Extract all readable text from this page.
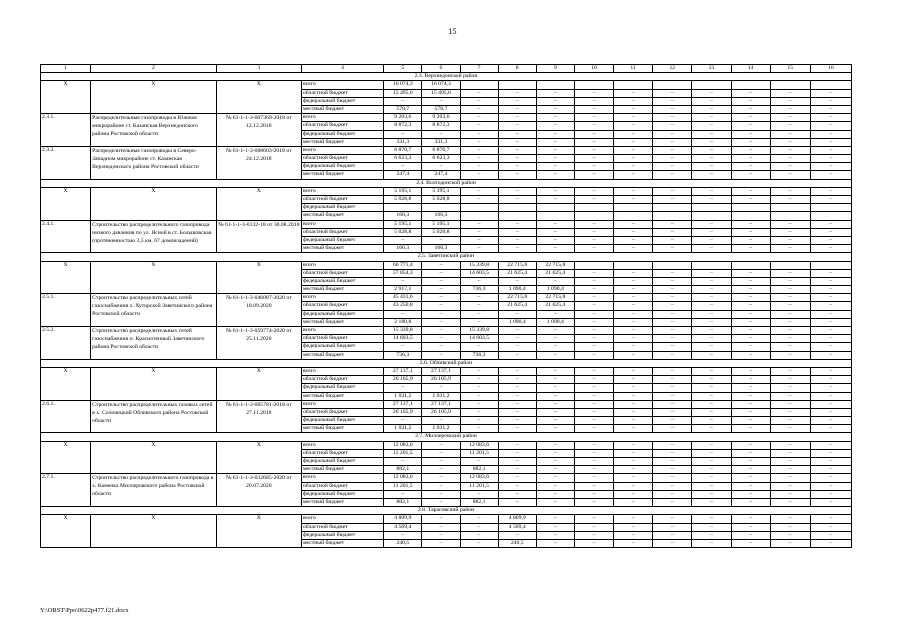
15
1	2	3	4	5	6	7	8	9	10	11	12	13	14	15	16
2.3. Верхнедонской район															
X	X	X	всего	16 074,3	16 074,3										
			областной бюджет	15 495,6	15 495,6	–	–	–	–	–	–	–	–	–	–
			федеральный бюджет	–	–	–	–	–	–	–	–	–	–	–	–
			местный бюджет	578,7	578,7	–	–	–	–	–	–	–	–	–	–
2.3.1.	Распределительные газопроводы в Южном микрорайоне ст. Казанская Верхнедонского района Ростовской области	№ 61-1-1-3-007369-2018 от 12.12.2018	всего	9 203,6	9 203,6	–	–	–	–	–	–	–	–	–	–
			областной бюджет	8 872,3	8 872,3	–	–	–	–	–	–	–	–	–	–
			федеральный бюджет	–	–	–	–	–	–	–	–	–	–	–	–
			местный бюджет	331,3	331,3	–	–	–	–	–	–	–	–	–	–
2.3.2.	Распределительные газопроводы в Северо-Западном микрорайоне ст. Казанская Верхнедонского района Ростовской области	№ 61-1-1-3-008603-2018 от 24.12.2018	всего	6 870,7	6 870,7	–	–	–	–	–	–	–	–	–	–
			областной бюджет	6 623,3	6 623,3	–	–	–	–	–	–	–	–	–	–
			федеральный бюджет	–	–	–	–	–	–	–	–	–	–	–	–
			местный бюджет	247,4	247,4	–	–	–	–	–	–	–	–	–	–
2.4. Волгодонской район															
X	X	X	всего	5 195,1	5 195,1	–	–	–	–	–	–	–	–	–	–
			областной бюджет	5 028,8	5 028,8	–	–	–	–	–	–	–	–	–	–
			федеральный бюджет												
			местный бюджет	166,3	166,3										
2.4.1.	Строительство распределительного газопровода низкого давления по ул. Ясной в ст. Большовская (протяженностью 3,5 км, 67 домовладений)	№ 61-1-1-3-0132-18 от 30.08.2018	всего	5 195,1	5 195,1	–	–	–	–	–	–	–	–	–	–
			областной бюджет	5 028,8	5 028,8	–	–	–	–	–	–	–	–	–	–
			федеральный бюджет	–	–	–	–	–	–	–	–	–	–	–	–
			местный бюджет	166,3	166,3	–	–	–	–	–	–	–	–	–	–
2.5. Заветинский район															
X	X	X	всего	60 771,4	–	15 339,8	22 715,8	22 715,8							
			областной бюджет	57 854,3	–	14 603,5	21 625,4	21 625,4	–	–	–	–	–	–	–
			федеральный бюджет	–	–	–	–	–	–	–	–	–	–	–	–
			местный бюджет	2 917,1	–	736,3	1 090,4	1 090,4	–	–	–	–	–	–	–
2.5.1.	Строительство распределительных сетей газоснабжения х. Хуторской Заветинского района Ростовской области	№ 61-1-1-3-046087-2020 от 18.09.2020	всего	45 431,6	–	–	22 715,8	22 715,8	–	–	–	–	–	–	–
			областной бюджет	43 250,8	–	–	21 625,4	21 625,4	–	–	–	–	–	–	–
			федеральный бюджет	–	–	–	–	–	–	–	–	–	–	–	–
			местный бюджет	2 180,8	–	–	1 090,4	1 090,4	–	–	–	–	–	–	–
2.5.2.	Строительство распределительных сетей газоснабжения п. Краснотепный Заветинского района Ростовской области	№ 61-1-1-3-059774-2020 от 25.11.2020	всего	15 339,8	–	15 339,8	–	–	–	–	–	–	–	–	–
			областной бюджет	14 603,5	–	14 603,5	–	–	–	–	–	–	–	–	–
			федеральный бюджет	–	–	–	–	–	–	–	–	–	–	–	–
			местный бюджет	736,3	–	736,3	–	–	–	–	–	–	–	–	–
2.6. Обливский район															
X	X	X	всего	27 137,1	27 137,1	–	–	–	–	–	–	–	–	–	–
			областной бюджет	26 105,9	26 105,9	–	–	–	–	–	–	–	–	–	–
			федеральный бюджет	–	–	–	–	–	–	–	–	–	–	–	–
			местный бюджет	1 031,2	1 031,2	–	–	–	–	–	–	–	–	–	–
2.6.1.	Строительство распределительных газовых сетей в х. Солонецкий Обливского района Ростовской области	№ 61-1-1-3-005781-2018 от 27.11.2018	всего	27 137,1	27 137,1	–	–	–	–	–	–	–	–	–	–
			областной бюджет	26 105,9	26 105,9	–	–	–	–	–	–	–	–	–	–
			федеральный бюджет	–	–	–	–	–	–	–	–	–	–	–	–
			местный бюджет	1 031,2	1 031,2	–	–	–	–	–	–	–	–	–	–
2.7. Миллеровский район															
X	X	X	всего	12 083,6	–	12 083,6	–	–	–	–	–	–	–	–	–
			областной бюджет	11 201,5	–	11 201,5	–	–	–	–	–	–	–	–	–
			федеральный бюджет	–	–	–	–	–	–	–	–	–	–	–	–
			местный бюджет	882,1	–	882,1	–	–	–	–	–	–	–	–	–
2.7.1.	Строительство распределительного газопровода в х. Каменка Миллеровского района Ростовской области	№ 61-1-1-3-032685-2020 от 20.07.2020	всего	12 083,6	–	12 083,6	–	–	–	–	–	–	–	–	–
			областной бюджет	11 201,5	–	11 201,5	–	–	–	–	–	–	–	–	–
			федеральный бюджет	–	–	–	–	–	–	–	–	–	–	–	–
			местный бюджет	882,1	–	882,1	–	–	–	–	–	–	–	–	–
2.8. Тарасовский район															
X	X	X	всего	4 809,9	–	–	4 809,9	–	–	–	–	–	–	–	–
			областной бюджет	4 569,4	–	–	4 569,4	–	–	–	–	–	–	–	–
			федеральный бюджет	–	–	–	–	–	–	–	–	–	–	–	–
			местный бюджет	240,5	–	–	240,5	–	–	–	–	–	–	–	–
Y:\ORST\Ppo\0622p477.f21.docx
